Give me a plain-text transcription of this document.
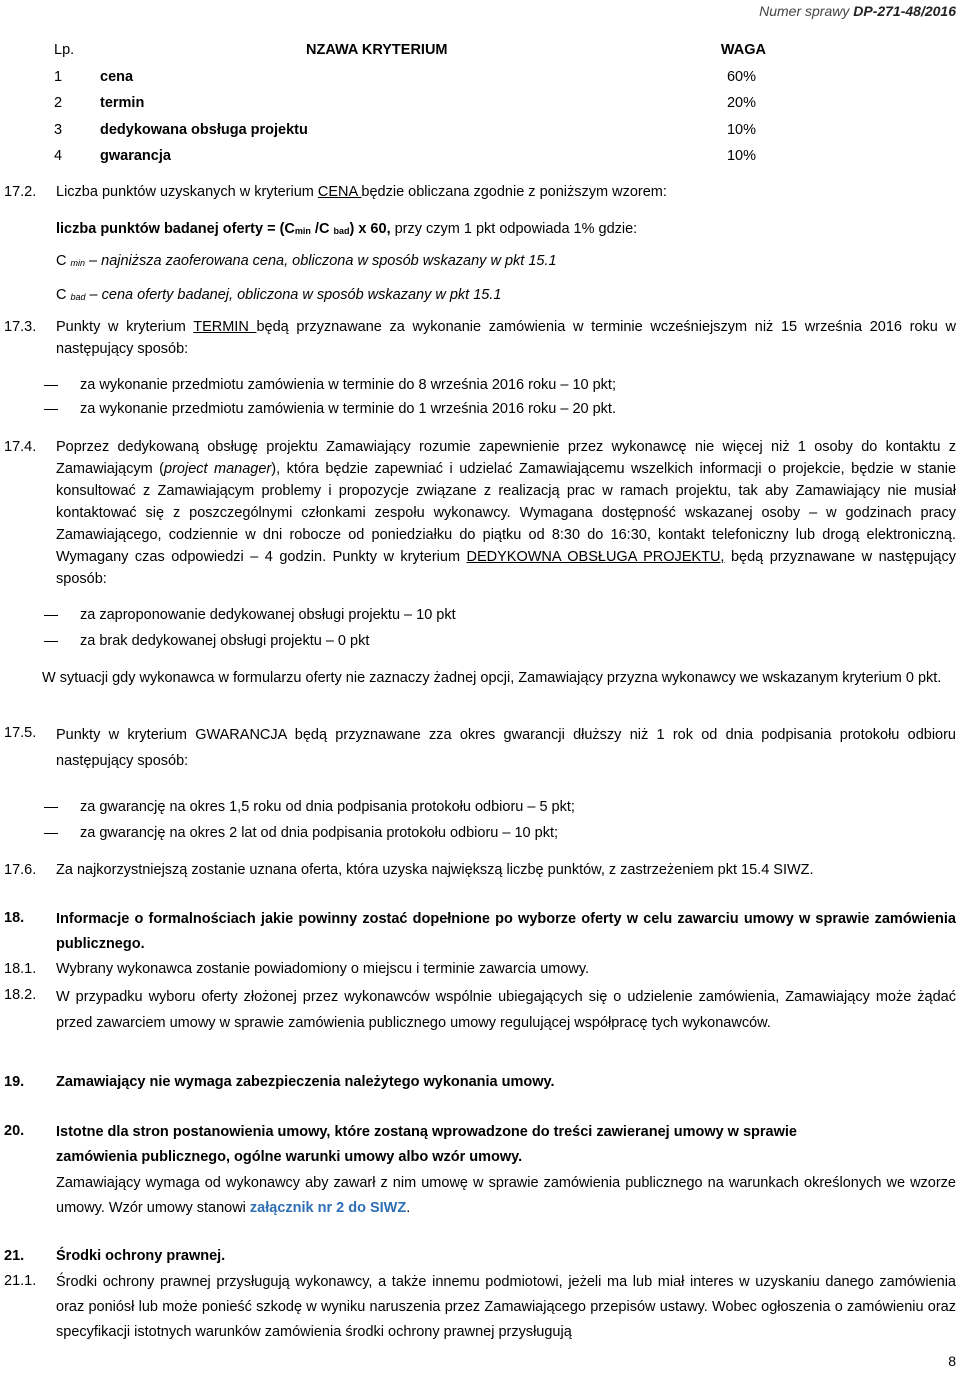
Numer sprawy DP-271-48/2016
Lp.	NZAWA KRYTERIUM	WAGA
1	cena	60%
2	termin	20%
3	dedykowana obsługa projektu	10%
4	gwarancja	10%
17.2. Liczba punktów uzyskanych w kryterium CENA będzie obliczana zgodnie z poniższym wzorem:
liczba punktów badanej oferty = ($C_{min}$ /C $_{bad}$) x 60, przy czym 1 pkt odpowiada 1% gdzie:
C $_{min}$ – najniższa zaoferowana cena, obliczona w sposób wskazany w pkt 15.1
C $_{bad}$ – cena oferty badanej, obliczona w sposób wskazany w pkt 15.1
17.3. Punkty w kryterium TERMIN będą przyznawane za wykonanie zamówienia w terminie wcześniejszym niż 15 września 2016 roku w następujący sposób:
za wykonanie przedmiotu zamówienia w terminie do 8 września 2016 roku – 10 pkt;
za wykonanie przedmiotu zamówienia w terminie do 1 września 2016 roku – 20 pkt.
17.4. Poprzez dedykowaną obsługę projektu Zamawiający rozumie zapewnienie przez wykonawcę nie więcej niż 1 osoby do kontaktu z Zamawiającym (project manager), która będzie zapewniać i udzielać Zamawiającemu wszelkich informacji o projekcie, będzie w stanie konsultować z Zamawiającym problemy i propozycje związane z realizacją prac w ramach projektu, tak aby Zamawiający nie musiał kontaktować się z poszczególnymi członkami zespołu wykonawcy. Wymagana dostępność wskazanej osoby – w godzinach pracy Zamawiającego, codziennie w dni robocze od poniedziałku do piątku od 8:30 do 16:30, kontakt telefoniczny lub drogą elektroniczną. Wymagany czas odpowiedzi – 4 godzin. Punkty w kryterium DEDYKOWNA OBSŁUGA PROJEKTU, będą przyznawane w następujący sposób:
za zaproponowanie dedykowanej obsługi projektu – 10 pkt
za brak dedykowanej obsługi projektu – 0 pkt
W sytuacji gdy wykonawca w formularzu oferty nie zaznaczy żadnej opcji, Zamawiający przyzna wykonawcy we wskazanym kryterium 0 pkt.
17.5. Punkty w kryterium GWARANCJA będą przyznawane zza okres gwarancji dłuższy niż 1 rok od dnia podpisania protokołu odbioru następujący sposób:
za gwarancję na okres 1,5 roku od dnia podpisania protokołu odbioru – 5 pkt;
za gwarancję na okres 2 lat od dnia podpisania protokołu odbioru – 10 pkt;
17.6. Za najkorzystniejszą zostanie uznana oferta, która uzyska największą liczbę punktów, z zastrzeżeniem pkt 15.4 SIWZ.
18. Informacje o formalnościach jakie powinny zostać dopełnione po wyborze oferty w celu zawarciu umowy w sprawie zamówienia publicznego.
18.1. Wybrany wykonawca zostanie powiadomiony o miejscu i terminie zawarcia umowy.
18.2. W przypadku wyboru oferty złożonej przez wykonawców wspólnie ubiegających się o udzielenie zamówienia, Zamawiający może żądać przed zawarciem umowy w sprawie zamówienia publicznego umowy regulującej współpracę tych wykonawców.
19. Zamawiający nie wymaga zabezpieczenia należytego wykonania umowy.
20. Istotne dla stron postanowienia umowy, które zostaną wprowadzone do treści zawieranej umowy w sprawie zamówienia publicznego, ogólne warunki umowy albo wzór umowy.
Zamawiający wymaga od wykonawcy aby zawarł z nim umowę w sprawie zamówienia publicznego na warunkach określonych we wzorze umowy. Wzór umowy stanowi załącznik nr 2 do SIWZ.
21. Środki ochrony prawnej.
21.1. Środki ochrony prawnej przysługują wykonawcy, a także innemu podmiotowi, jeżeli ma lub miał interes w uzyskaniu danego zamówienia oraz poniósł lub może ponieść szkodę w wyniku naruszenia przez Zamawiającego przepisów ustawy. Wobec ogłoszenia o zamówieniu oraz specyfikacji istotnych warunków zamówienia środki ochrony prawnej przysługują
8
